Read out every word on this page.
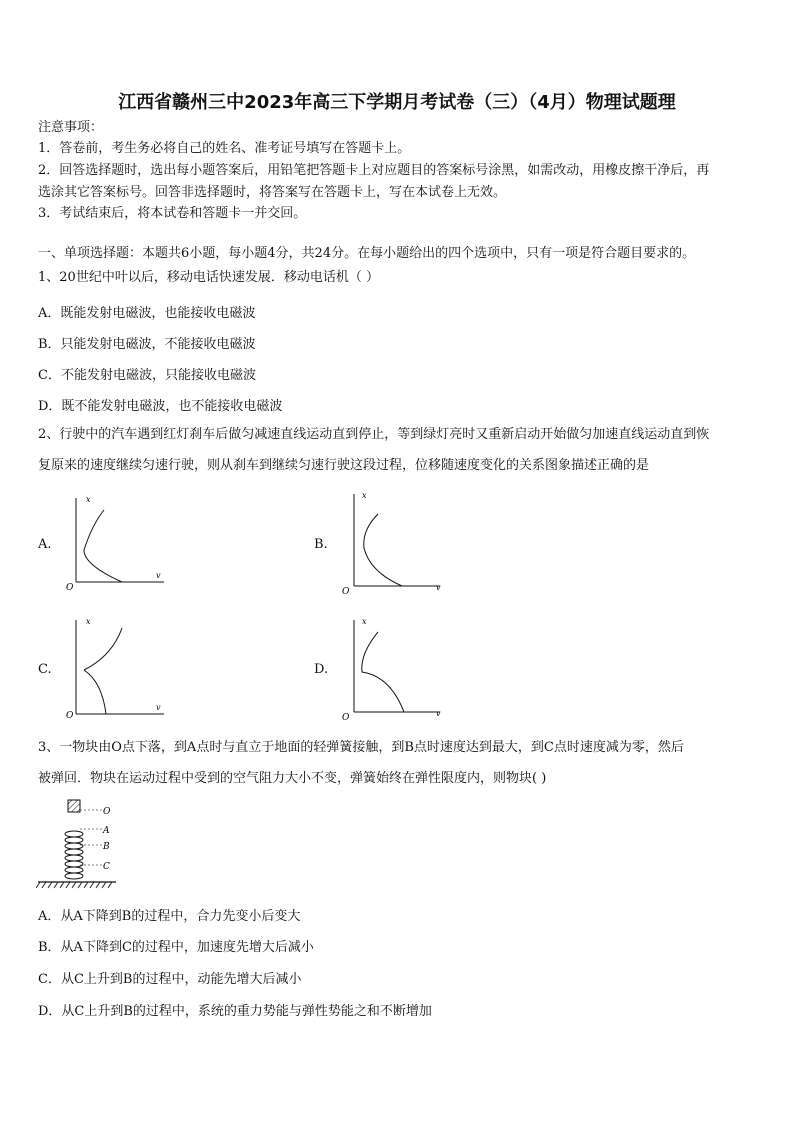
江西省赣州三中2023年高三下学期月考试卷（三）（4月）物理试题理
注意事项：
1．答卷前，考生务必将自己的姓名、准考证号填写在答题卡上。
2．回答选择题时，选出每小题答案后，用铅笔把答题卡上对应题目的答案标号涂黑，如需改动，用橡皮擦干净后，再
选涂其它答案标号。回答非选择题时，将答案写在答题卡上，写在本试卷上无效。
3．考试结束后，将本试卷和答题卡一并交回。
一、单项选择题：本题共6小题，每小题4分，共24分。在每小题给出的四个选项中，只有一项是符合题目要求的。
1、20世纪中叶以后，移动电话快速发展．移动电话机（ ）
A．既能发射电磁波，也能接收电磁波
B．只能发射电磁波，不能接收电磁波
C．不能发射电磁波，只能接收电磁波
D．既不能发射电磁波，也不能接收电磁波
2、行驶中的汽车遇到红灯刹车后做匀减速直线运动直到停止，等到绿灯亮时又重新启动开始做匀加速直线运动直到恢
复原来的速度继续匀速行驶，则从刹车到继续匀速行驶这段过程，位移随速度变化的关系图象描述正确的是
A.
x
v
O
B.
x
v
O
C.
x
v
O
D.
x
v
O
3、一物块由O点下落，到A点时与直立于地面的轻弹簧接触，到B点时速度达到最大，到C点时速度减为零，然后
被弹回．物块在运动过程中受到的空气阻力大小不变，弹簧始终在弹性限度内，则物块( )
O
A
B
C
A．从A下降到B的过程中，合力先变小后变大
B．从A下降到C的过程中，加速度先增大后减小
C．从C上升到B的过程中，动能先增大后减小
D．从C上升到B的过程中，系统的重力势能与弹性势能之和不断增加
